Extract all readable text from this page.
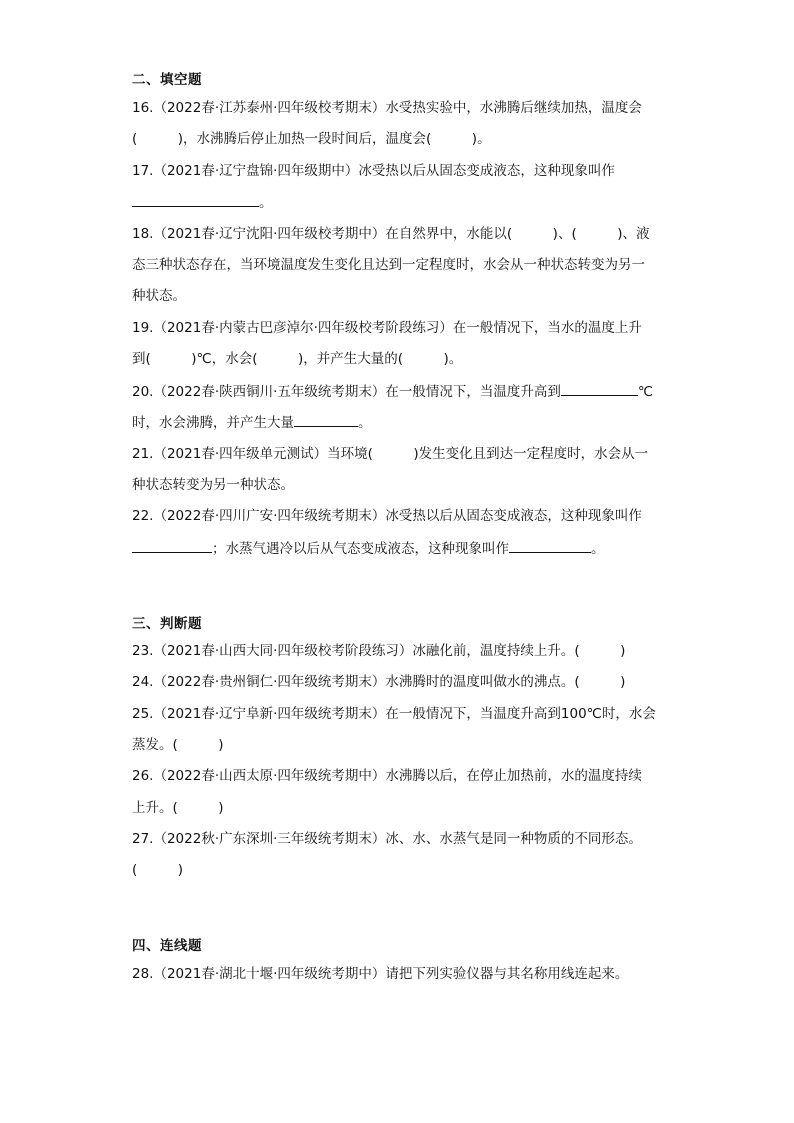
二、填空题
16.（2022春·江苏泰州·四年级校考期末）水受热实验中，水沸腾后继续加热，温度会
(　　　)，水沸腾后停止加热一段时间后，温度会(　　　)。
17.（2021春·辽宁盘锦·四年级期中）冰受热以后从固态变成液态，这种现象叫作
。
18.（2021春·辽宁沈阳·四年级校考期中）在自然界中，水能以(　　　)、(　　　)、液
态三种状态存在，当环境温度发生变化且达到一定程度时，水会从一种状态转变为另一
种状态。
19.（2021春·内蒙古巴彦淖尔·四年级校考阶段练习）在一般情况下，当水的温度上升
到(　　　)℃，水会(　　　)，并产生大量的(　　　)。
20.（2022春·陕西铜川·五年级统考期末）在一般情况下，当温度升高到	℃
时，水会沸腾，并产生大量	。
21.（2021春·四年级单元测试）当环境(　　　)发生变化且到达一定程度时，水会从一
种状态转变为另一种状态。
22.（2022春·四川广安·四年级统考期末）冰受热以后从固态变成液态，这种现象叫作
；水蒸气遇冷以后从气态变成液态，这种现象叫作	。
三、判断题
23.（2021春·山西大同·四年级校考阶段练习）冰融化前，温度持续上升。(　　　)
24.（2022春·贵州铜仁·四年级统考期末）水沸腾时的温度叫做水的沸点。(　　　)
25.（2021春·辽宁阜新·四年级统考期末）在一般情况下，当温度升高到100℃时，水会
蒸发。(　　　)
26.（2022春·山西太原·四年级统考期中）水沸腾以后，在停止加热前，水的温度持续
上升。(　　　)
27.（2022秋·广东深圳·三年级统考期末）冰、水、水蒸气是同一种物质的不同形态。
(　　　)
四、连线题
28.（2021春·湖北十堰·四年级统考期中）请把下列实验仪器与其名称用线连起来。
